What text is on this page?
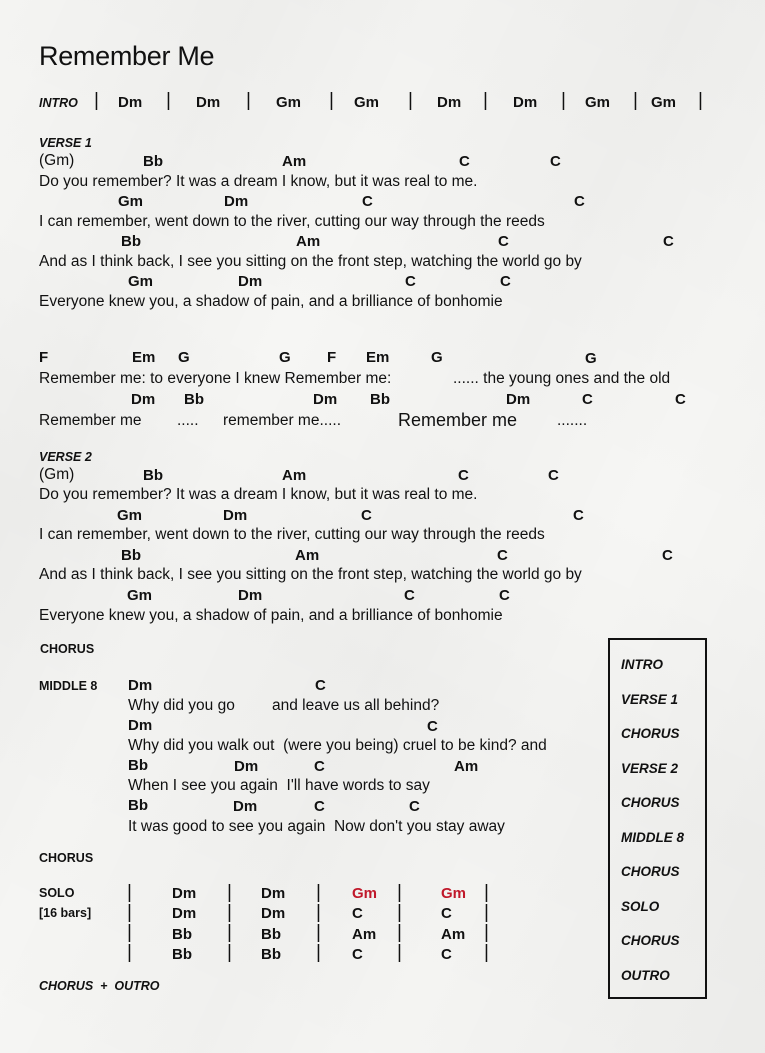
Remember Me
INTRO | Dm | Dm | Gm | Gm | Dm | Dm | Gm | Gm |
VERSE 1
(Gm)	Bb	Am	C	C
Do you remember? It was a dream I know, but it was real to me.
Gm	Dm	C	C
I can remember, went down to the river, cutting our way through the reeds
Bb	Am	C	C
And as I think back, I see you sitting on the front step, watching the world go by
Gm	Dm	C	C
Everyone knew you, a shadow of pain, and a brilliance of bonhomie
F	Em G	G F Em	G	G
Remember me: to everyone I knew Remember me:	...... the young ones and the old
Dm Bb	Dm Bb	Dm	C	C
Remember me ..... remember me.....	Remember me	.......
VERSE 2
(Gm)	Bb	Am	C	C
Do you remember? It was a dream I know, but it was real to me.
Gm	Dm	C	C
I can remember, went down to the river, cutting our way through the reeds
Bb	Am	C	C
And as I think back, I see you sitting on the front step, watching the world go by
Gm	Dm	C	C
Everyone knew you, a shadow of pain, and a brilliance of bonhomie
CHORUS
MIDDLE 8 Dm	C
Why did you go and leave us all behind?
Dm	C
Why did you walk out  (were you being) cruel to be kind? and
Bb	Dm	C	Am
When I see you again  I'll have words to say
Bb	Dm	C	C
It was good to see you again  Now don't you stay away
CHORUS
SOLO
[16 bars]
|
|
|
|
|
|
|
|
|
|
|
|
|
|
|
|
|
|
|
|
Dm	Dm	Gm	Gm
Dm	Dm	C	C
Bb	Bb	Am	Am
Bb	Bb	C	C
CHORUS  +  OUTRO
INTRO
VERSE 1
CHORUS
VERSE 2
CHORUS
MIDDLE 8
CHORUS
SOLO
CHORUS
OUTRO
